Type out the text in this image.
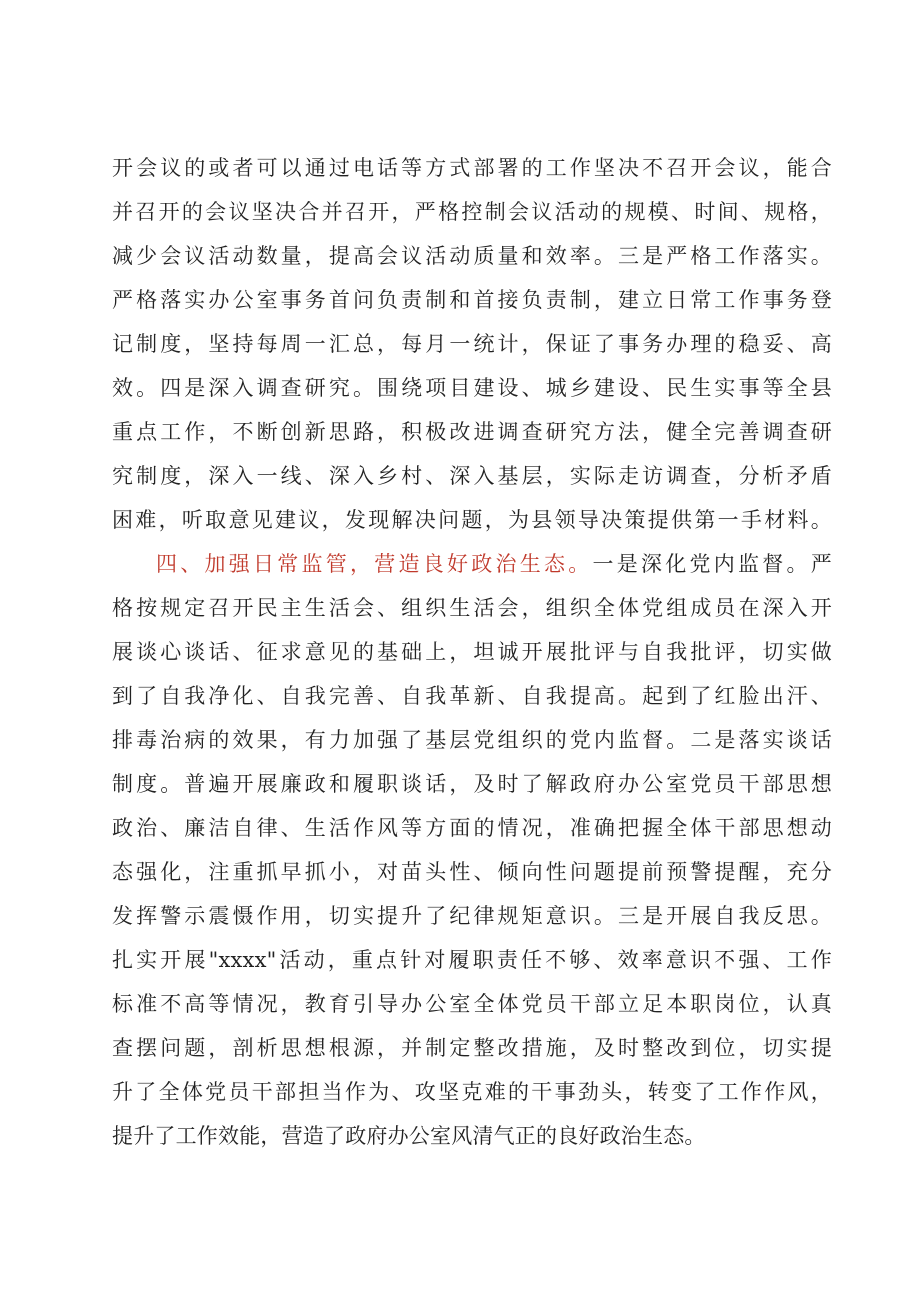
开会议的或者可以通过电话等方式部署的工作坚决不召开会议，能合
并召开的会议坚决合并召开，严格控制会议活动的规模、时间、规格，
减少会议活动数量，提高会议活动质量和效率。三是严格工作落实。
严格落实办公室事务首问负责制和首接负责制，建立日常工作事务登
记制度，坚持每周一汇总，每月一统计，保证了事务办理的稳妥、高
效。四是深入调查研究。围绕项目建设、城乡建设、民生实事等全县
重点工作，不断创新思路，积极改进调查研究方法，健全完善调查研
究制度，深入一线、深入乡村、深入基层，实际走访调查，分析矛盾
困难，听取意见建议，发现解决问题，为县领导决策提供第一手材料。
四、加强日常监管，营造良好政治生态。一是深化党内监督。严
格按规定召开民主生活会、组织生活会，组织全体党组成员在深入开
展谈心谈话、征求意见的基础上，坦诚开展批评与自我批评，切实做
到了自我净化、自我完善、自我革新、自我提高。起到了红脸出汗、
排毒治病的效果，有力加强了基层党组织的党内监督。二是落实谈话
制度。普遍开展廉政和履职谈话，及时了解政府办公室党员干部思想
政治、廉洁自律、生活作风等方面的情况，准确把握全体干部思想动
态强化，注重抓早抓小，对苗头性、倾向性问题提前预警提醒，充分
发挥警示震慑作用，切实提升了纪律规矩意识。三是开展自我反思。
扎实开展"xxxx"活动，重点针对履职责任不够、效率意识不强、工作
标准不高等情况，教育引导办公室全体党员干部立足本职岗位，认真
查摆问题，剖析思想根源，并制定整改措施，及时整改到位，切实提
升了全体党员干部担当作为、攻坚克难的干事劲头，转变了工作作风，
提升了工作效能，营造了政府办公室风清气正的良好政治生态。
